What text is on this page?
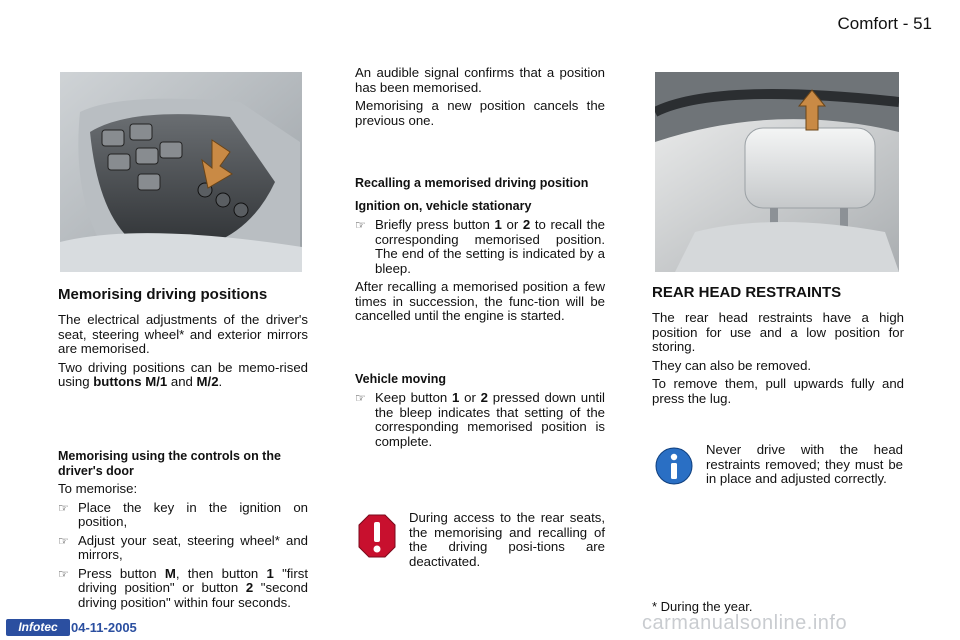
Comfort - 51
Memorising driving positions
The electrical adjustments of the driver's seat, steering wheel* and exterior mirrors are memorised.
Two driving positions can be memo-rised using buttons M/1 and M/2.
Memorising using the controls on the driver's door
To memorise:
☞ Place the key in the ignition on position,
☞ Adjust your seat, steering wheel* and mirrors,
☞ Press button M, then button 1 "first driving position" or button 2 "second driving position" within four seconds.
An audible signal confirms that a position has been memorised.
Memorising a new position cancels the previous one.
Recalling a memorised driving position
Ignition on, vehicle stationary
☞ Briefly press button 1 or 2 to recall the corresponding memorised position. The end of the setting is indicated by a bleep.
After recalling a memorised position a few times in succession, the func-tion will be cancelled until the engine is started.
Vehicle moving
☞ Keep button 1 or 2 pressed down until the bleep indicates that setting of the corresponding memorised position is complete.
During access to the rear seats, the memorising and recalling of the driving posi-tions are deactivated.
REAR HEAD RESTRAINTS
The rear head restraints have a high position for use and a low position for storing.
They can also be removed.
To remove them, pull upwards fully and press the lug.
Never drive with the head restraints removed; they must be in place and adjusted correctly.
* During the year.
Infotec	04-11-2005	carmanualsonline.info
